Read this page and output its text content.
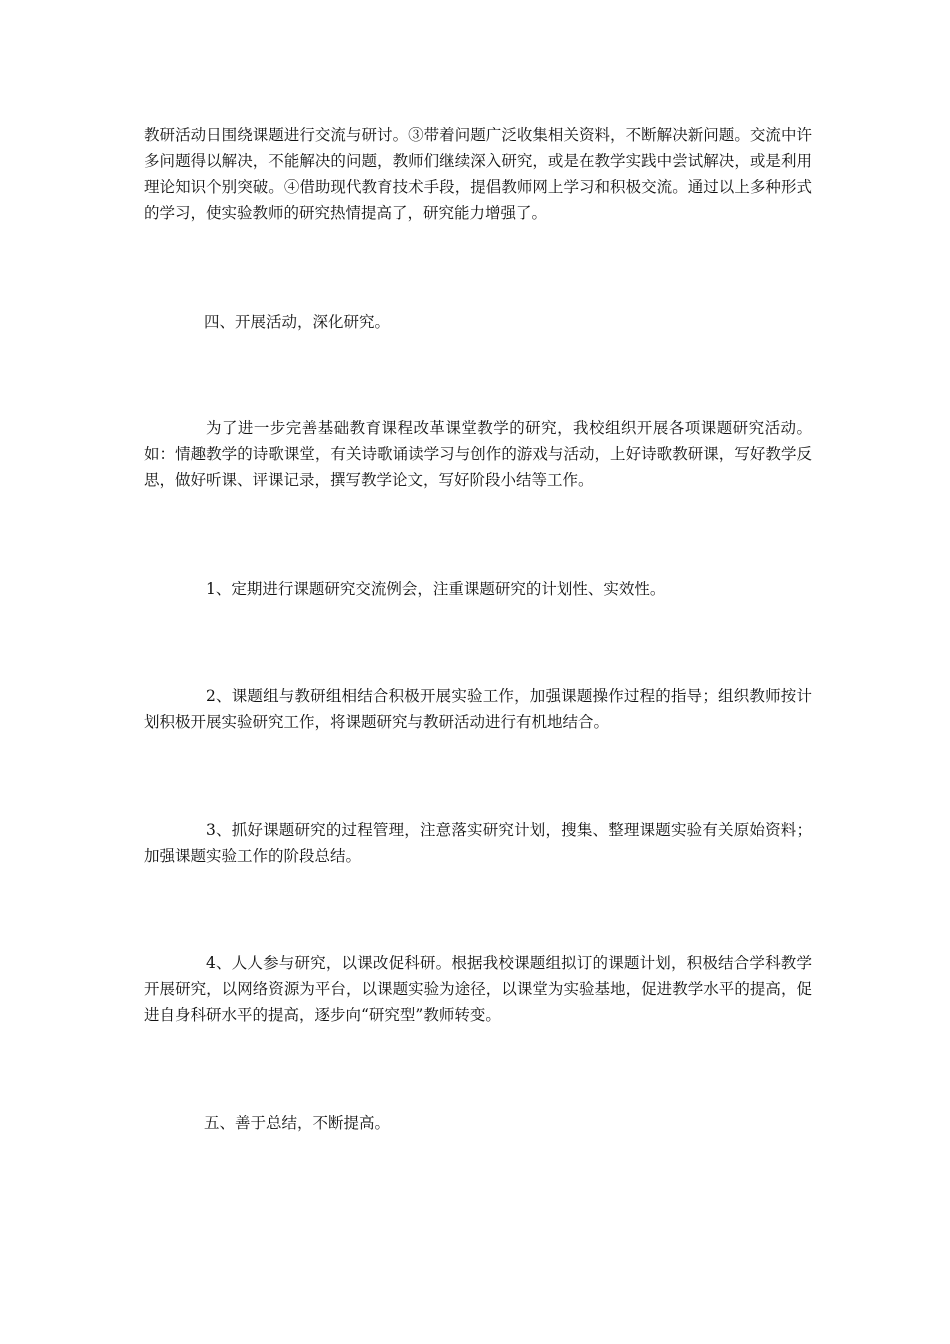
教研活动日围绕课题进行交流与研讨。③带着问题广泛收集相关资料，不断解决新问题。交流中许多问题得以解决，不能解决的问题，教师们继续深入研究，或是在教学实践中尝试解决，或是利用理论知识个别突破。④借助现代教育技术手段，提倡教师网上学习和积极交流。通过以上多种形式的学习，使实验教师的研究热情提高了，研究能力增强了。

四、开展活动，深化研究。

为了进一步完善基础教育课程改革课堂教学的研究，我校组织开展各项课题研究活动。如：情趣教学的诗歌课堂，有关诗歌诵读学习与创作的游戏与活动，上好诗歌教研课，写好教学反思，做好听课、评课记录，撰写教学论文，写好阶段小结等工作。

1、定期进行课题研究交流例会，注重课题研究的计划性、实效性。

2、课题组与教研组相结合积极开展实验工作，加强课题操作过程的指导；组织教师按计划积极开展实验研究工作，将课题研究与教研活动进行有机地结合。

3、抓好课题研究的过程管理，注意落实研究计划，搜集、整理课题实验有关原始资料；加强课题实验工作的阶段总结。

4、人人参与研究，以课改促科研。根据我校课题组拟订的课题计划，积极结合学科教学开展研究，以网络资源为平台，以课题实验为途径，以课堂为实验基地，促进教学水平的提高，促进自身科研水平的提高，逐步向“研究型”教师转变。

五、善于总结，不断提高。
